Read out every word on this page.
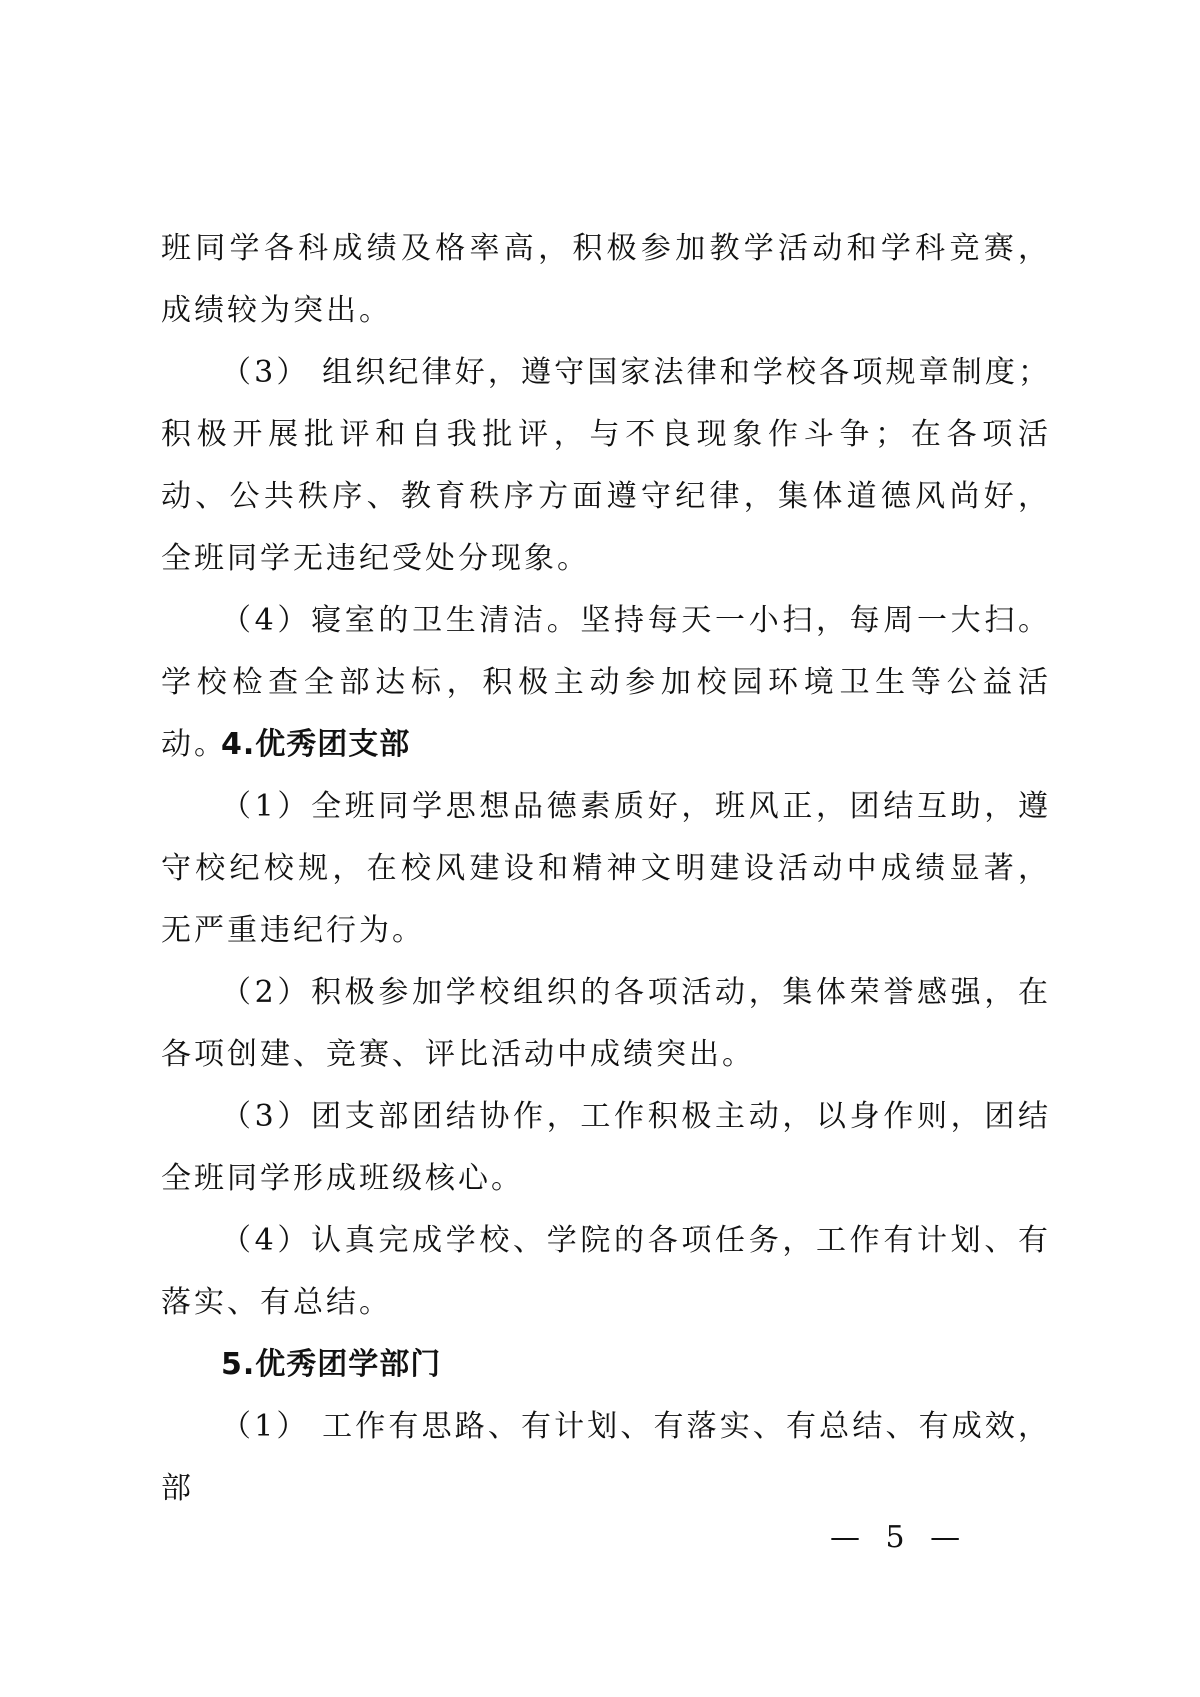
班同学各科成绩及格率高，积极参加教学活动和学科竞赛，成绩较为突出。

（3） 组织纪律好，遵守国家法律和学校各项规章制度；积极开展批评和自我批评，与不良现象作斗争；在各项活动、公共秩序、教育秩序方面遵守纪律，集体道德风尚好，全班同学无违纪受处分现象。

（4）寝室的卫生清洁。坚持每天一小扫，每周一大扫。学校检查全部达标，积极主动参加校园环境卫生等公益活动。

4.优秀团支部

（1）全班同学思想品德素质好，班风正，团结互助，遵守校纪校规，在校风建设和精神文明建设活动中成绩显著，无严重违纪行为。

（2）积极参加学校组织的各项活动，集体荣誉感强，在各项创建、竞赛、评比活动中成绩突出。

（3）团支部团结协作，工作积极主动，以身作则，团结全班同学形成班级核心。

（4）认真完成学校、学院的各项任务，工作有计划、有落实、有总结。

5.优秀团学部门

（1） 工作有思路、有计划、有落实、有总结、有成效，部

— 5 —
